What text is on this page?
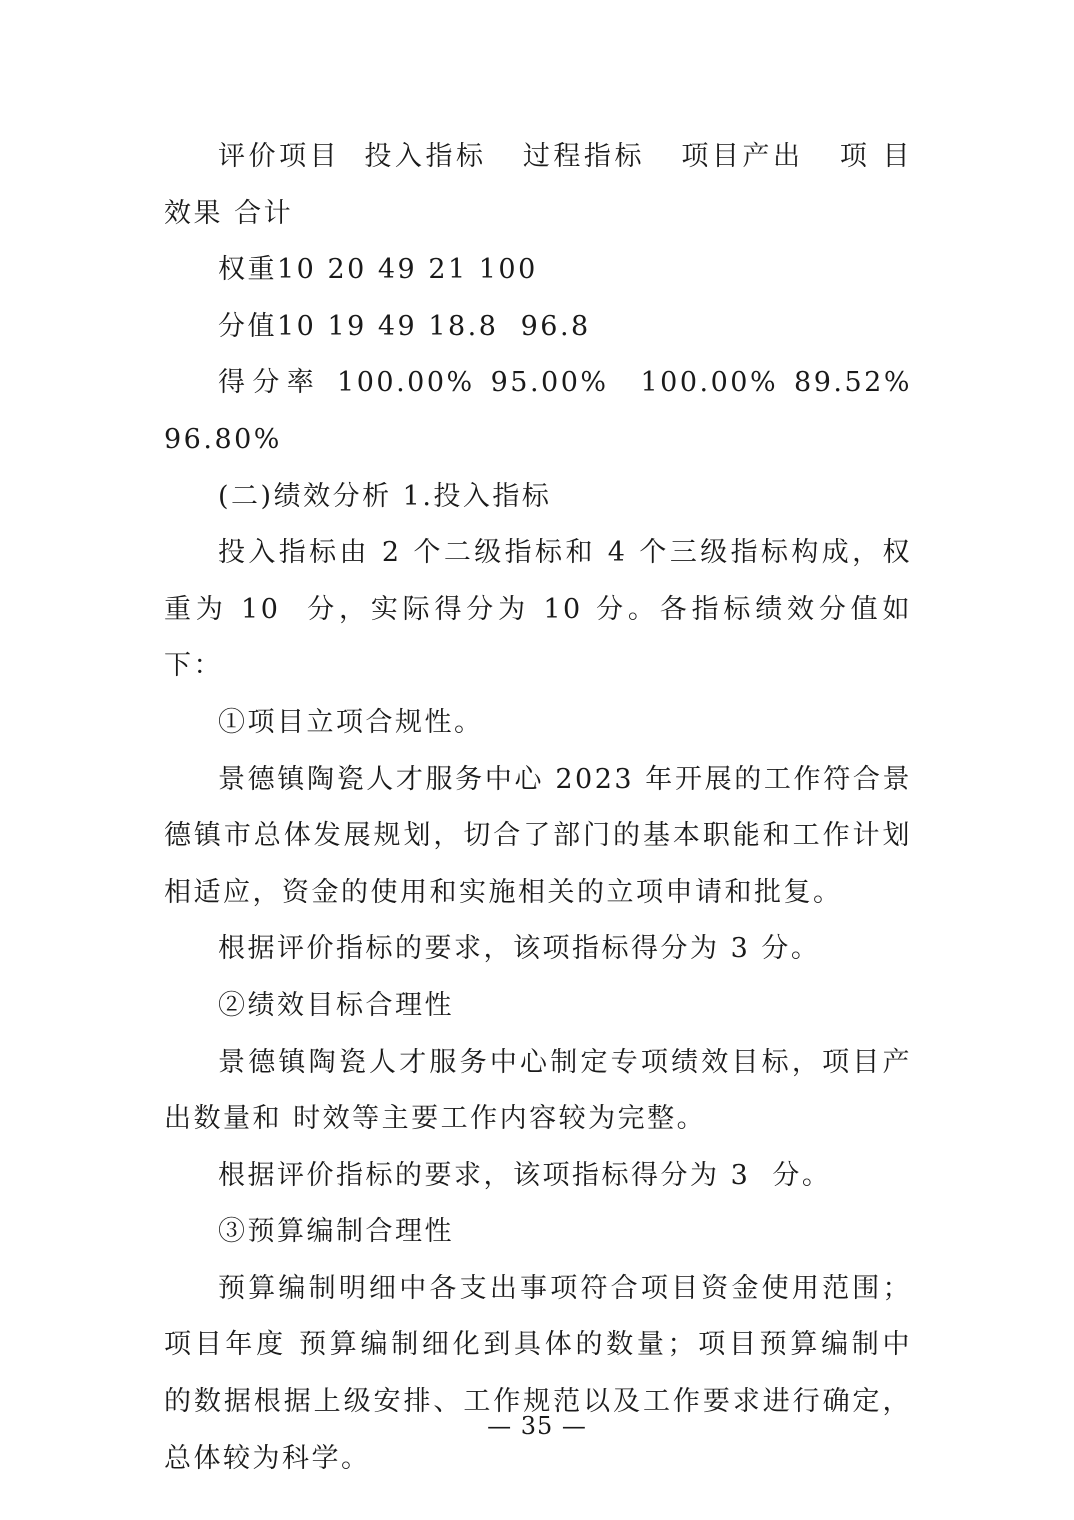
评价项目  投入指标   过程指标   项目产出   项 目 效果 合计

权重10 20 49 21 100

分值10 19 49 18.8  96.8

得分率 100.00% 95.00%  100.00% 89.52%  96.80%

(二)绩效分析 1.投入指标

投入指标由 2 个二级指标和 4 个三级指标构成，权重为 10  分，实际得分为 10 分。各指标绩效分值如下：

①项目立项合规性。

景德镇陶瓷人才服务中心 2023 年开展的工作符合景德镇市总体发展规划，切合了部门的基本职能和工作计划相适应，资金的使用和实施相关的立项申请和批复。

根据评价指标的要求，该项指标得分为 3 分。

②绩效目标合理性

景德镇陶瓷人才服务中心制定专项绩效目标，项目产出数量和 时效等主要工作内容较为完整。

根据评价指标的要求，该项指标得分为 3  分。

③预算编制合理性

预算编制明细中各支出事项符合项目资金使用范围；项目年度 预算编制细化到具体的数量；项目预算编制中的数据根据上级安排、工作规范以及工作要求进行确定，总体较为科学。

— 35 —
